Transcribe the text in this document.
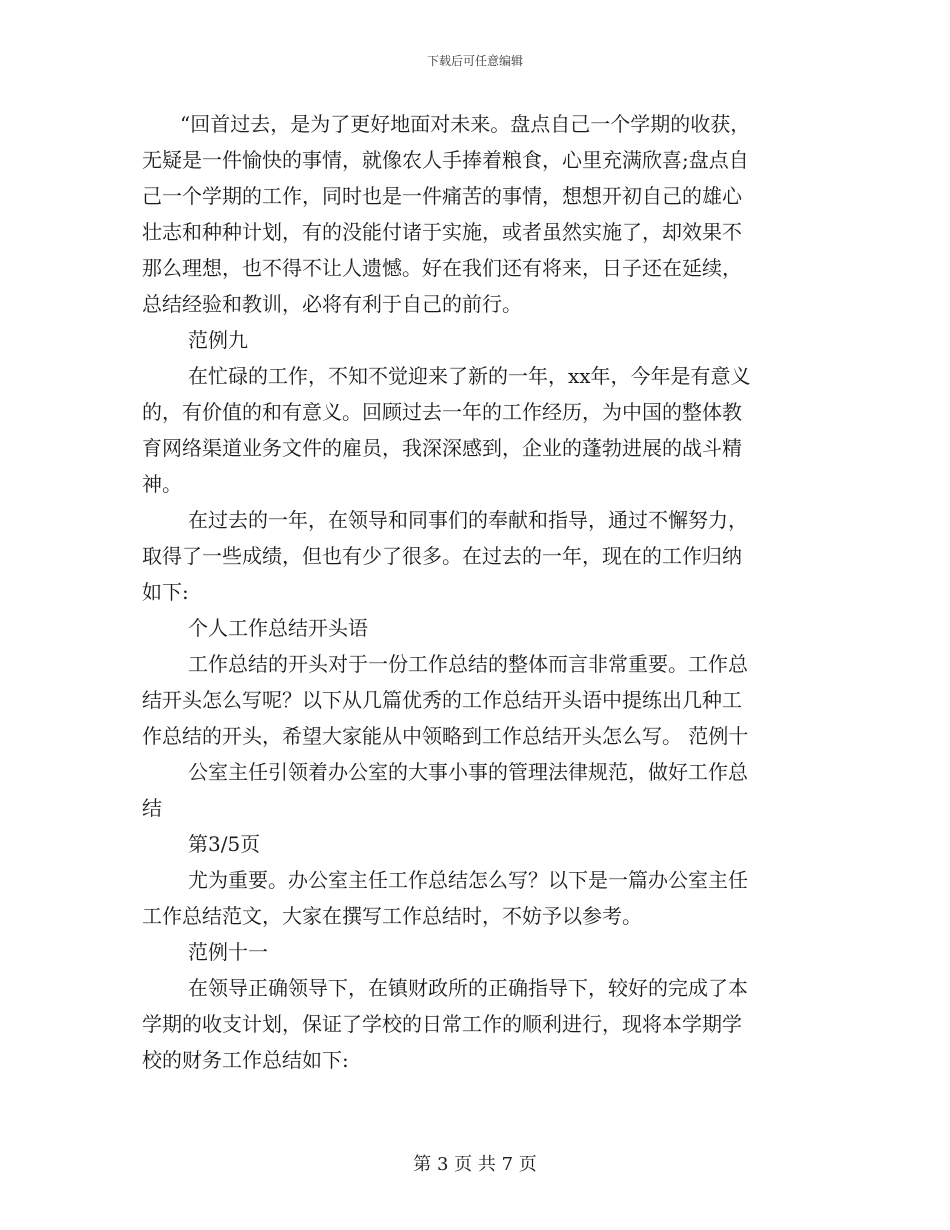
下载后可任意编辑
“回首过去，是为了更好地面对未来。盘点自己一个学期的收获，
无疑是一件愉快的事情，就像农人手捧着粮食，心里充满欣喜;盘点自
己一个学期的工作，同时也是一件痛苦的事情，想想开初自己的雄心
壮志和种种计划，有的没能付诸于实施，或者虽然实施了，却效果不
那么理想，也不得不让人遗憾。好在我们还有将来，日子还在延续，
总结经验和教训，必将有利于自己的前行。
范例九
在忙碌的工作，不知不觉迎来了新的一年，xx年，今年是有意义
的，有价值的和有意义。回顾过去一年的工作经历，为中国的整体教
育网络渠道业务文件的雇员，我深深感到，企业的蓬勃进展的战斗精
神。
在过去的一年，在领导和同事们的奉献和指导，通过不懈努力，
取得了一些成绩，但也有少了很多。在过去的一年，现在的工作归纳
如下:
个人工作总结开头语
工作总结的开头对于一份工作总结的整体而言非常重要。工作总
结开头怎么写呢？以下从几篇优秀的工作总结开头语中提练出几种工
作总结的开头，希望大家能从中领略到工作总结开头怎么写。 范例十
公室主任引领着办公室的大事小事的管理法律规范，做好工作总
结
第3/5页
尤为重要。办公室主任工作总结怎么写？以下是一篇办公室主任
工作总结范文，大家在撰写工作总结时，不妨予以参考。
范例十一
在领导正确领导下，在镇财政所的正确指导下，较好的完成了本
学期的收支计划，保证了学校的日常工作的顺利进行，现将本学期学
校的财务工作总结如下:
第 3 页 共 7 页
